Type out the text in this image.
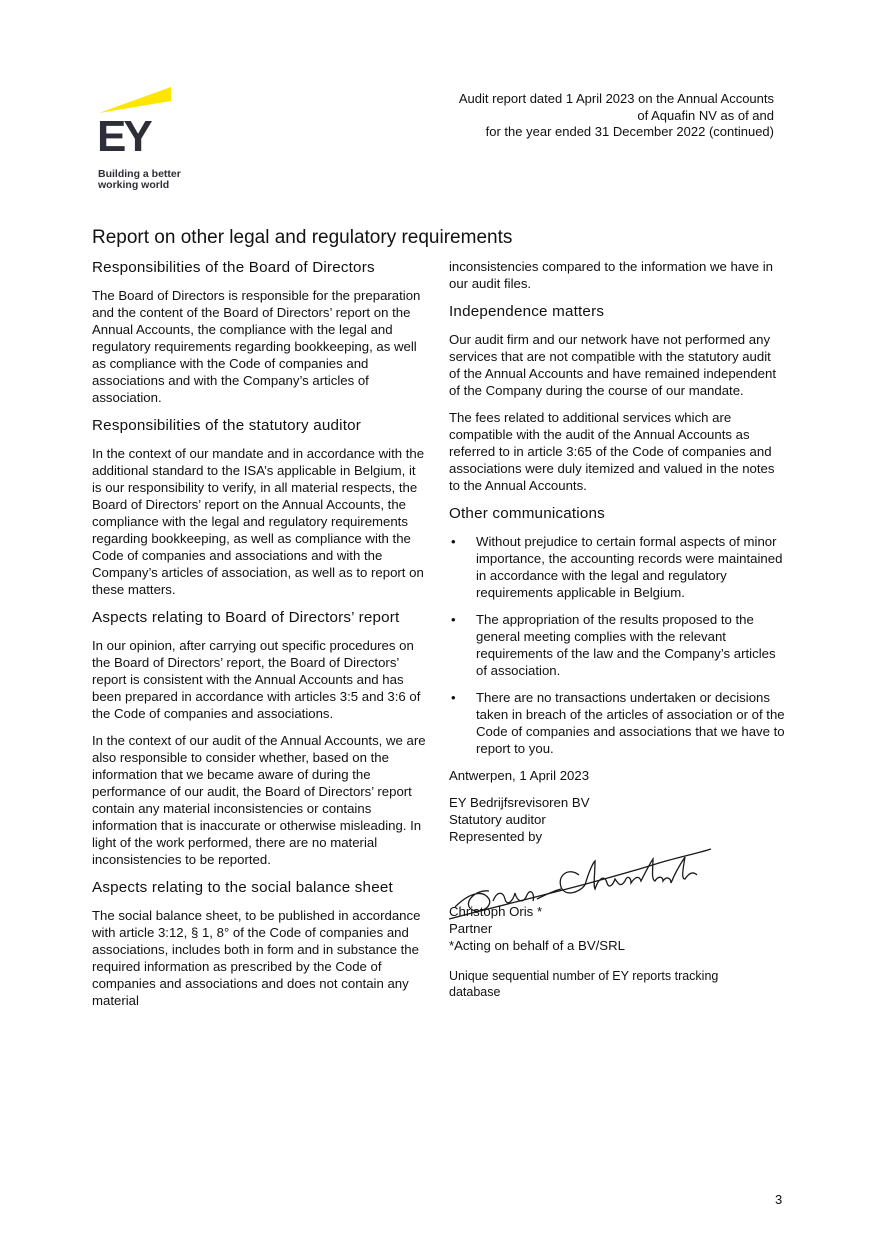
EY
Building a better
working world
Audit report dated 1 April 2023 on the Annual Accounts
of Aquafin NV as of and
for the year ended 31 December 2022 (continued)
Report on other legal and regulatory requirements
Responsibilities of the Board of Directors

The Board of Directors is responsible for the preparation and the content of the Board of Directors’ report on the Annual Accounts, the compliance with the legal and regulatory requirements regarding bookkeeping, as well as compliance with the Code of companies and associations and with the Company’s articles of association.

Responsibilities of the statutory auditor

In the context of our mandate and in accordance with the additional standard to the ISA’s applicable in Belgium, it is our responsibility to verify, in all material respects, the Board of Directors’ report on the Annual Accounts, the compliance with the legal and regulatory requirements regarding bookkeeping, as well as compliance with the Code of companies and associations and with the Company’s articles of association, as well as to report on these matters.

Aspects relating to Board of Directors’ report

In our opinion, after carrying out specific procedures on the Board of Directors’ report, the Board of Directors’ report is consistent with the Annual Accounts and has been prepared in accordance with articles 3:5 and 3:6 of the Code of companies and associations.

In the context of our audit of the Annual Accounts, we are also responsible to consider whether, based on the information that we became aware of during the performance of our audit, the Board of Directors’ report contain any material inconsistencies or contains information that is inaccurate or otherwise misleading. In light of the work performed, there are no material inconsistencies to be reported.

Aspects relating to the social balance sheet

The social balance sheet, to be published in accordance with article 3:12, § 1, 8° of the Code of companies and associations, includes both in form and in substance the required information as prescribed by the Code of companies and associations and does not contain any material

inconsistencies compared to the information we have in our audit files.

Independence matters

Our audit firm and our network have not performed any services that are not compatible with the statutory audit of the Annual Accounts and have remained independent of the Company during the course of our mandate.

The fees related to additional services which are compatible with the audit of the Annual Accounts as referred to in article 3:65 of the Code of companies and associations were duly itemized and valued in the notes to the Annual Accounts.

Other communications
• Without prejudice to certain formal aspects of minor importance, the accounting records were maintained in accordance with the legal and regulatory requirements applicable in Belgium.
• The appropriation of the results proposed to the general meeting complies with the relevant requirements of the law and the Company’s articles of association.
• There are no transactions undertaken or decisions taken in breach of the articles of association or of the Code of companies and associations that we have to report to you.

Antwerpen, 1 April 2023

EY Bedrijfsrevisoren BV
Statutory auditor
Represented by

Christoph Oris *
Partner
*Acting on behalf of a BV/SRL

Unique sequential number of EY reports tracking database

3
